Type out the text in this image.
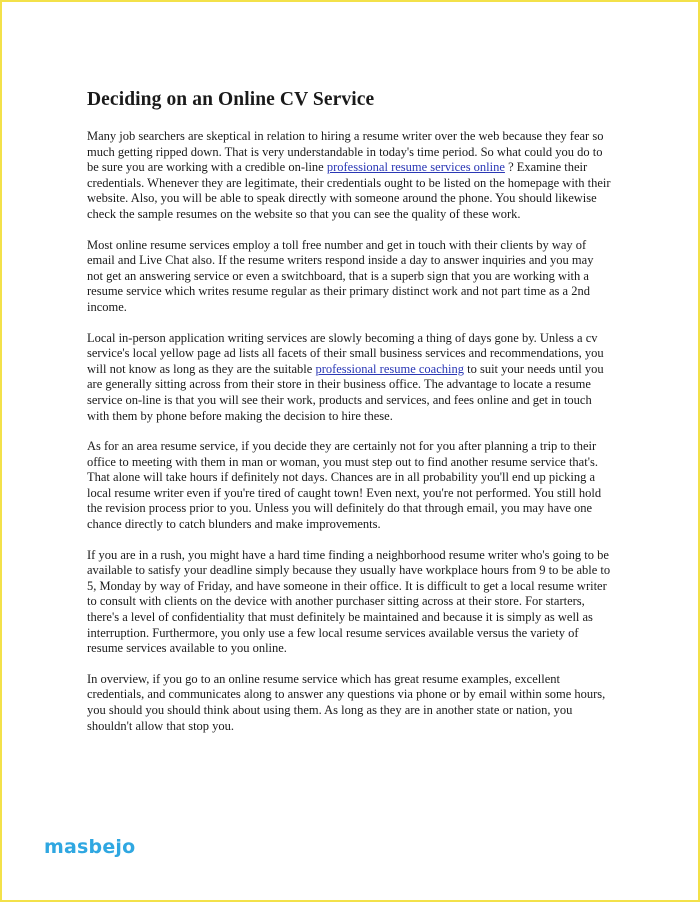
Deciding on an Online CV Service

Many job searchers are skeptical in relation to hiring a resume writer over the web because they fear so much getting ripped down. That is very understandable in today's time period. So what could you do to be sure you are working with a credible on-line professional resume services online ? Examine their credentials. Whenever they are legitimate, their credentials ought to be listed on the homepage with their website. Also, you will be able to speak directly with someone around the phone. You should likewise check the sample resumes on the website so that you can see the quality of these work.

Most online resume services employ a toll free number and get in touch with their clients by way of email and Live Chat also. If the resume writers respond inside a day to answer inquiries and you may not get an answering service or even a switchboard, that is a superb sign that you are working with a resume service which writes resume regular as their primary distinct work and not part time as a 2nd income.

Local in-person application writing services are slowly becoming a thing of days gone by. Unless a cv service's local yellow page ad lists all facets of their small business services and recommendations, you will not know as long as they are the suitable professional resume coaching to suit your needs until you are generally sitting across from their store in their business office. The advantage to locate a resume service on-line is that you will see their work, products and services, and fees online and get in touch with them by phone before making the decision to hire these.

As for an area resume service, if you decide they are certainly not for you after planning a trip to their office to meeting with them in man or woman, you must step out to find another resume service that's. That alone will take hours if definitely not days. Chances are in all probability you'll end up picking a local resume writer even if you're tired of caught town! Even next, you're not performed. You still hold the revision process prior to you. Unless you will definitely do that through email, you may have one chance directly to catch blunders and make improvements.

If you are in a rush, you might have a hard time finding a neighborhood resume writer who's going to be available to satisfy your deadline simply because they usually have workplace hours from 9 to be able to 5, Monday by way of Friday, and have someone in their office. It is difficult to get a local resume writer to consult with clients on the device with another purchaser sitting across at their store. For starters, there's a level of confidentiality that must definitely be maintained and because it is simply as well as interruption. Furthermore, you only use a few local resume services available versus the variety of resume services available to you online.

In overview, if you go to an online resume service which has great resume examples, excellent credentials, and communicates along to answer any questions via phone or by email within some hours, you should you should think about using them. As long as they are in another state or nation, you shouldn't allow that stop you.

masbejo
